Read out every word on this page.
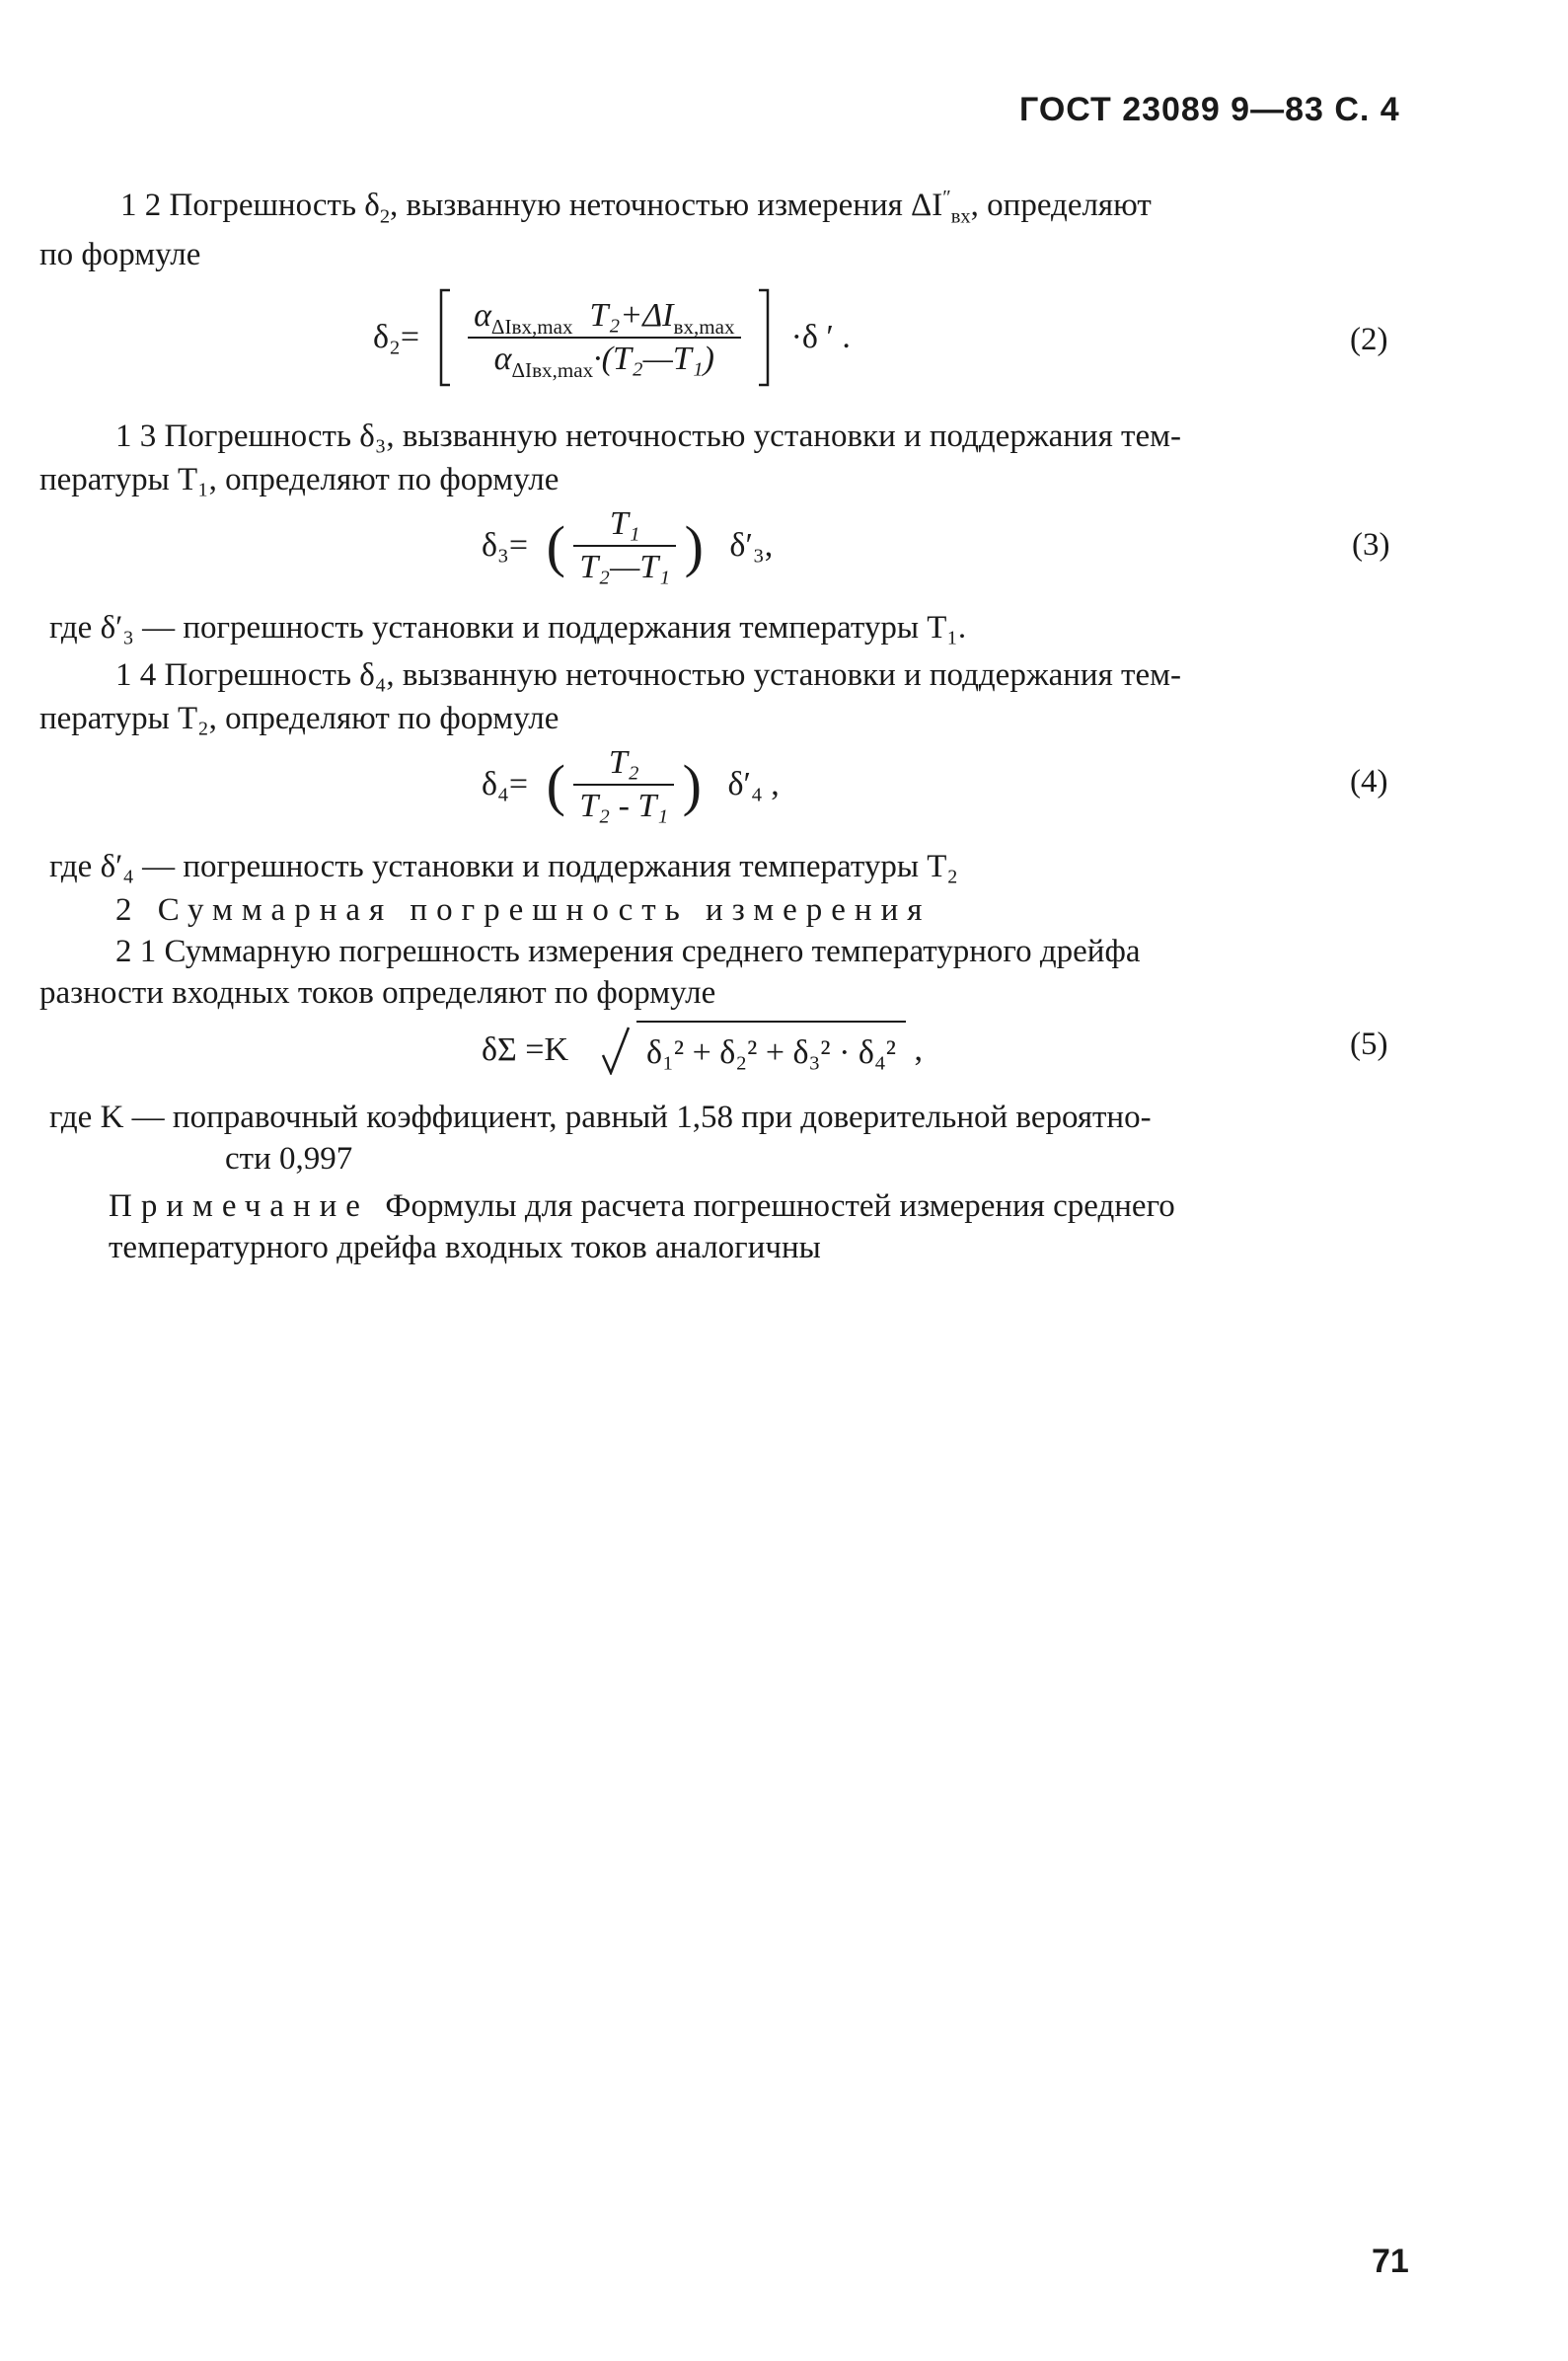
ГОСТ 23089 9—83 С. 4
1 2 Погрешность $\delta_2$, вызванную неточностью измерения $\Delta I''_{вх}$, определяют
по формуле
$\delta_2= \frac{\alpha_{\Delta Iвх,max} T_2+\Delta I_{вх,max}}{\alpha_{\Delta Iвх,max}\cdot(T_2—T_1)} \cdot\delta$ ′ .	(2)
1 3 Погрешность δ₃, вызванную неточностью установки и поддержания тем-
пературы T₁, определяют по формуле
δ₃= ( $\frac{\text{T₁}}{\text{T₂—T₁}}$ ) δ′₃,	(3)
где δ′₃ — погрешность установки и поддержания температуры T₁.
1 4 Погрешность δ₄, вызванную неточностью установки и поддержания тем-
пературы T₂, определяют по формуле
δ₄= ( $\frac{\text{T₂}}{\text{T₂ - T₁}}$ ) δ′₄ ,	(4)
где δ′₄ — погрешность установки и поддержания температуры T₂
2 Суммарная погрешность измерения
2 1 Суммарную погрешность измерения среднего температурного дрейфа
разности входных токов определяют по формуле
δΣ =K δ₁² + δ₂² + δ₃² · δ₄² ,	(5)
где K — поправочный коэффициент, равный 1,58 при доверительной вероятно-
сти 0,997
Примечание Формулы для расчета погрешностей измерения среднего
температурного дрейфа входных токов аналогичны
71
